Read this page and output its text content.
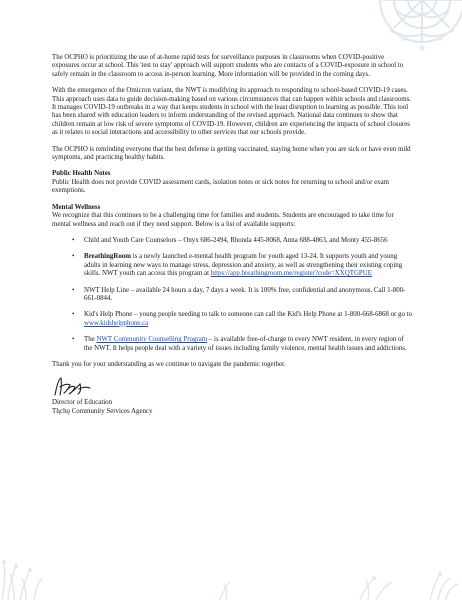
The OCPHO is prioritizing the use of at-home rapid tests for surveillance purposes in classrooms when COVID-positive exposures occur at school. This 'test to stay' approach will support students who are contacts of a COVID-exposure in school to safely remain in the classroom to access in-person learning. More information will be provided in the coming days.

With the emergence of the Omicron variant, the NWT is modifying its approach to responding to school-based COVID-19 cases. This approach uses data to guide decision-making based on various circumstances that can happen within schools and classrooms. It manages COVID-19 outbreaks in a way that keeps students in school with the least disruption to learning as possible. This tool has been shared with education leaders to inform understanding of the revised approach. National data continues to show that children remain at low risk of severe symptoms of COVID-19. However, children are experiencing the impacts of school closures as it relates to social interactions and accessibility to other services that our schools provide.

The OCPHO is reminding everyone that the best defense is getting vaccinated, staying home when you are sick or have even mild symptoms, and practicing healthy habits.

Public Health Notes

Public Health does not provide COVID assessment cards, isolation notes or sick notes for returning to school and/or exam exemptions.

Mental Wellness

We recognize that this continues to be a challenging time for families and students. Students are encouraged to take time for mental wellness and reach out if they need support. Below is a list of available supports:

• Child and Youth Care Counselors – Onyx 686-2494, Rhonda 445-8068, Anna 688-4863, and Monty 455-8656
• BreathingRoom is a newly launched e-mental health program for youth aged 13-24. It supports youth and young adults in learning new ways to manage stress, depression and anxiety, as well as strengthening their existing coping skills. NWT youth can access this program at https://app.breathingroom.me/register?code=XXQTGPUE
• NWT Help Line – available 24 hours a day, 7 days a week. It is 100% free, confidential and anonymous. Call 1-800-661-0844.
• Kid's Help Phone – young people needing to talk to someone can call the Kid's Help Phone at 1-800-668-6868 or go to www.kidshelpphone.ca
• The NWT Community Counselling Program – is available free-of-charge to every NWT resident, in every region of the NWT. It helps people deal with a variety of issues including family violence, mental health issues and addictions.

Thank you for your understanding as we continue to navigate the pandemic together.

Director of Education
Tłı̨chǫ Community Services Agency
